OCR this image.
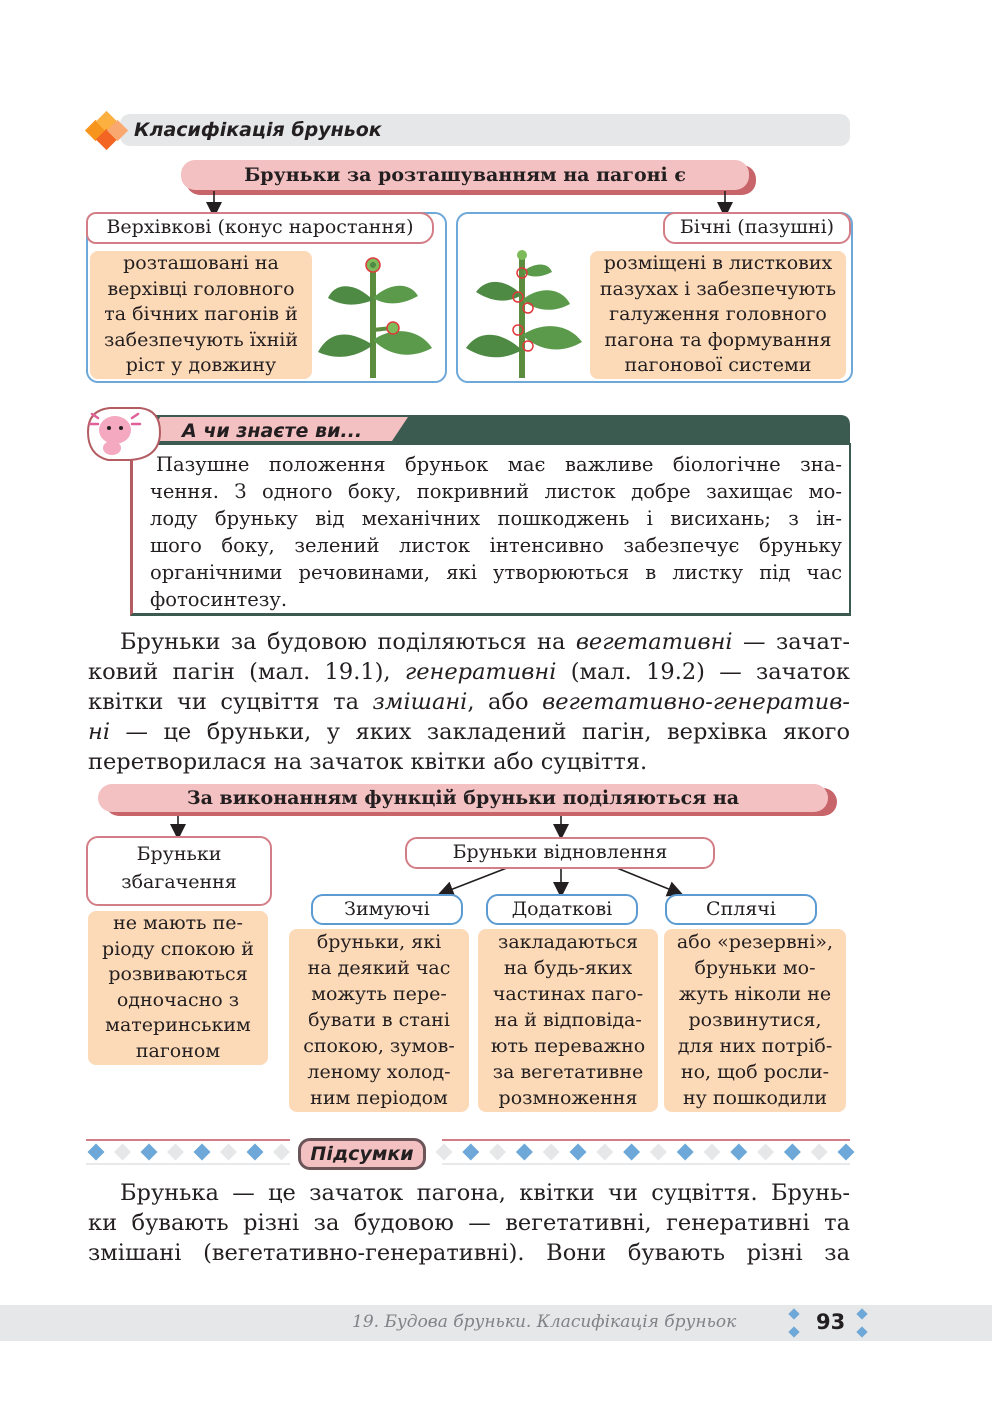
Класифікація бруньок
Бруньки за розташуванням на пагоні є
Верхівкові (конус наростання)
розташовані на
верхівці головного
та бічних пагонів й
забезпечують їхній
ріст у довжину
Бічні (пазушні)
розміщені в листкових
пазухах і забезпечують
галуження головного
пагона та формування
пагонової системи
А чи знаєте ви...
Пазушне положення бруньок має важливе біологічне зна-
чення. З одного боку, покривний листок добре захищає мо-
лоду бруньку від механічних пошкоджень і висихань; з ін-
шого боку, зелений листок інтенсивно забезпечує бруньку
органічними речовинами, які утворюються в листку під час
фотосинтезу.
Бруньки за будовою поділяються на вегетативні — зачат-
ковий пагін (мал. 19.1), генеративні (мал. 19.2) — зачаток
квітки чи суцвіття та змішані, або вегетативно-генератив-
ні — це бруньки, у яких закладений пагін, верхівка якого
перетворилася на зачаток квітки або суцвіття.
За виконанням функцій бруньки поділяються на
Бруньки
збагачення
не мають пе-
ріоду спокою й
розвиваються
одночасно з
материнським
пагоном
Бруньки відновлення
Зимуючі
бруньки, які
на деякий час
можуть пере-
бувати в стані
спокою, зумов-
леному холод-
ним періодом
Додаткові
закладаються
на будь-яких
частинах паго-
на й відповіда-
ють переважно
за вегетативне
розмноження
Сплячі
або «резервні»,
бруньки мо-
жуть ніколи не
розвинутися,
для них потріб-
но, щоб росли-
ну пошкодили
Підсумки
Брунька — це зачаток пагона, квітки чи суцвіття. Брунь-
ки бувають різні за будовою — вегетативні, генеративні та
змішані (вегетативно-генеративні). Вони бувають різні за
19. Будова бруньки. Класифікація бруньок	93
